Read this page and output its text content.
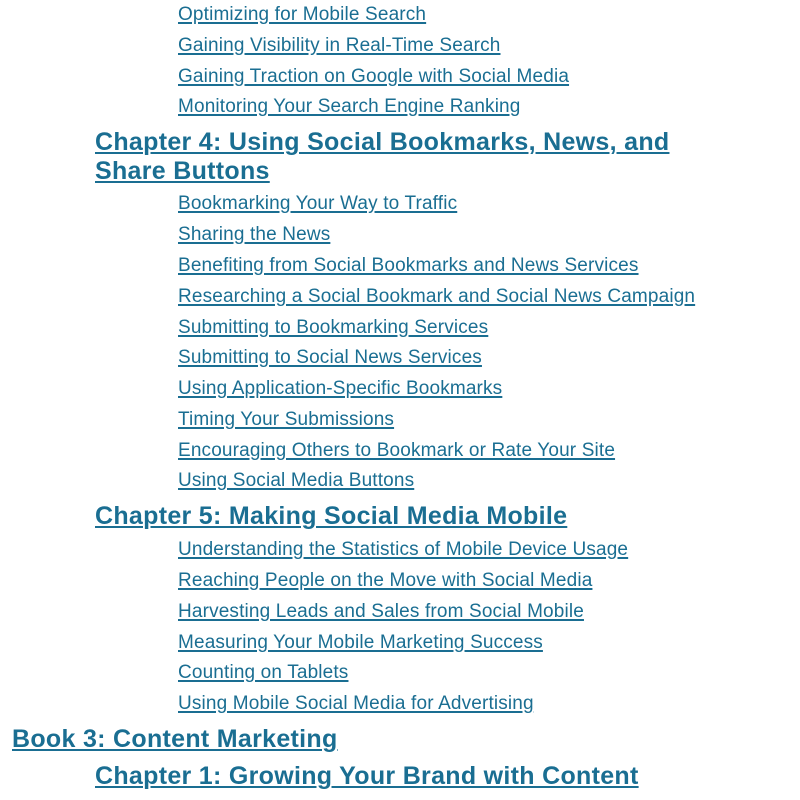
Optimizing for Mobile Search
Gaining Visibility in Real-Time Search
Gaining Traction on Google with Social Media
Monitoring Your Search Engine Ranking
Chapter 4: Using Social Bookmarks, News, and
Share Buttons
Bookmarking Your Way to Traffic
Sharing the News
Benefiting from Social Bookmarks and News Services
Researching a Social Bookmark and Social News Campaign
Submitting to Bookmarking Services
Submitting to Social News Services
Using Application-Specific Bookmarks
Timing Your Submissions
Encouraging Others to Bookmark or Rate Your Site
Using Social Media Buttons
Chapter 5: Making Social Media Mobile
Understanding the Statistics of Mobile Device Usage
Reaching People on the Move with Social Media
Harvesting Leads and Sales from Social Mobile
Measuring Your Mobile Marketing Success
Counting on Tablets
Using Mobile Social Media for Advertising
Book 3: Content Marketing
Chapter 1: Growing Your Brand with Content
